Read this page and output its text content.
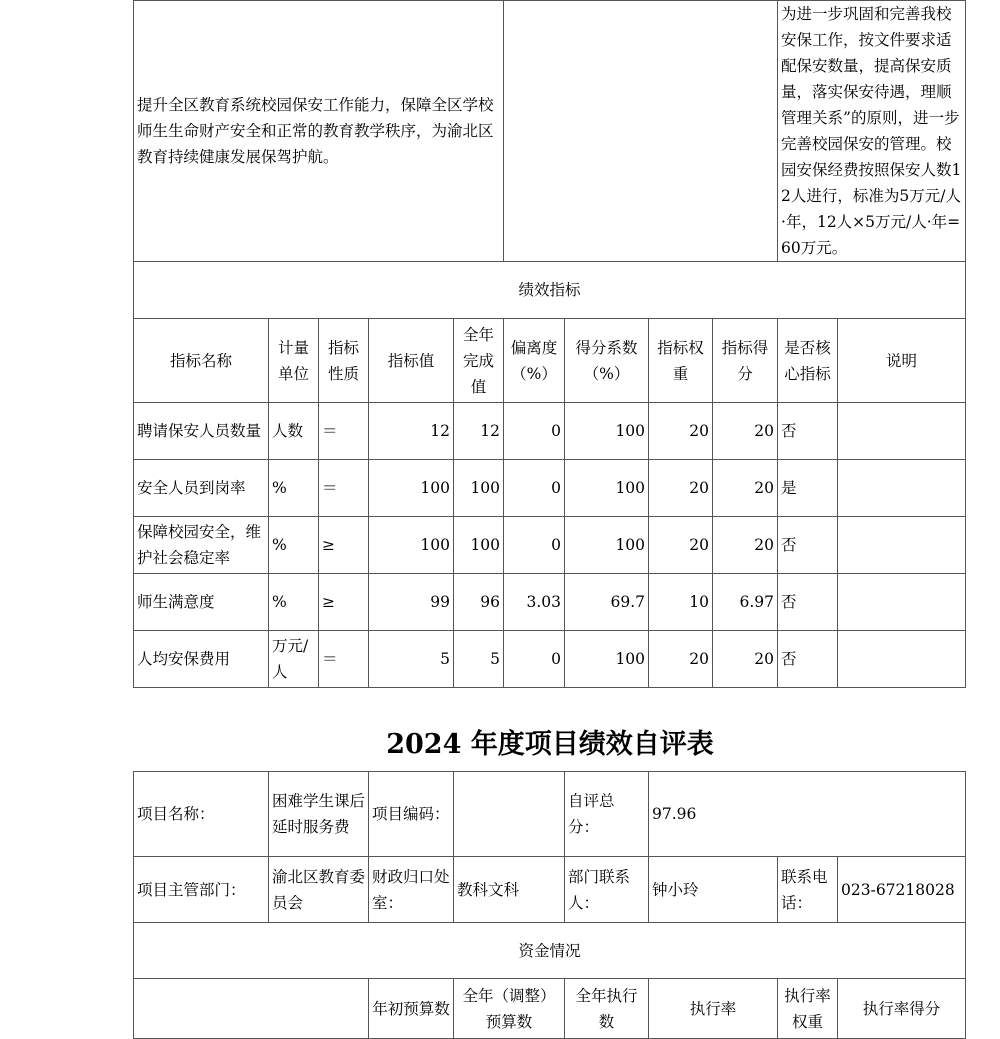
提升全区教育系统校园保安工作能力，保障全区学校师生生命财产安全和正常的教育教学秩序，为渝北区教育持续健康发展保驾护航。									为进一步巩固和完善我校安保工作，按文件要求适配保安数量，提高保安质量，落实保安待遇，理顺管理关系”的原则，进一步完善校园保安的管理。校园安保经费按照保安人数12人进行，标准为5万元/人·年，12人×5万元/人·年=60万元。	
绩效指标										
指标名称	计量单位	指标性质	指标值	全年完成值	偏离度（%）	得分系数（%）	指标权重	指标得分	是否核心指标	说明
聘请保安人员数量	人数	＝	12	12	0	100	20	20	否	
安全人员到岗率	%	＝	100	100	0	100	20	20	是	
保障校园安全，维护社会稳定率	%	≥	100	100	0	100	20	20	否	
师生满意度	%	≥	99	96	3.03	69.7	10	6.97	否	
人均安保费用	万元/人	＝	5	5	0	100	20	20	否	
2024 年度项目绩效自评表
项目名称：	困难学生课后延时服务费	项目编码：		自评总分：	97.96		
项目主管部门：	渝北区教育委员会	财政归口处室：	教科文科	部门联系人：	钟小玲	联系电话：	023-67218028
资金情况							
		年初预算数	全年（调整）预算数	全年执行数	执行率	执行率权重	执行率得分
